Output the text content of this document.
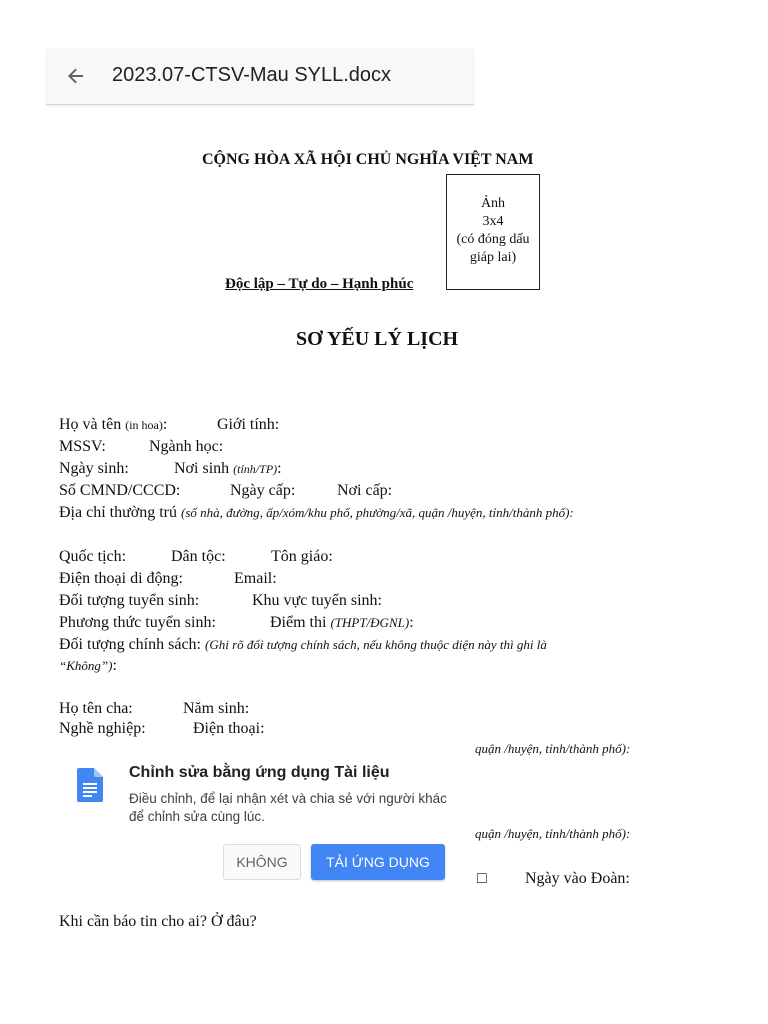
2023.07-CTSV-Mau SYLL.docx
CỘNG HÒA XÃ HỘI CHỦ NGHĨA VIỆT NAM
Ảnh
3x4
(có đóng dấu
giáp lai)
Độc lập – Tự do – Hạnh phúc
SƠ YẾU LÝ LỊCH
Họ và tên (in hoa):	Giới tính:
MSSV:	Ngành học:
Ngày sinh:	Nơi sinh (tỉnh/TP):
Số CMND/CCCD:	Ngày cấp:	Nơi cấp:
Địa chỉ thường trú (số nhà, đường, ấp/xóm/khu phố, phường/xã, quận /huyện, tỉnh/thành phố):
Quốc tịch:	Dân tộc:	Tôn giáo:
Điện thoại di động:	Email:
Đối tượng tuyển sinh:	Khu vực tuyển sinh:
Phương thức tuyển sinh:	Điểm thi (THPT/ĐGNL):
Đối tượng chính sách: (Ghi rõ đối tượng chính sách, nếu không thuộc diện này thì ghi là
“Không”):
Họ tên cha:	Năm sinh:
Nghề nghiệp:	Điện thoại:
quận /huyện, tỉnh/thành phố):
quận /huyện, tỉnh/thành phố):
□ Ngày vào Đoàn:
Khi cần báo tin cho ai? Ở đâu?
Chỉnh sửa bằng ứng dụng Tài liệu
Điều chỉnh, để lại nhận xét và chia sẻ với người khác để chỉnh sửa cùng lúc.
KHÔNG	TẢI ỨNG DỤNG
